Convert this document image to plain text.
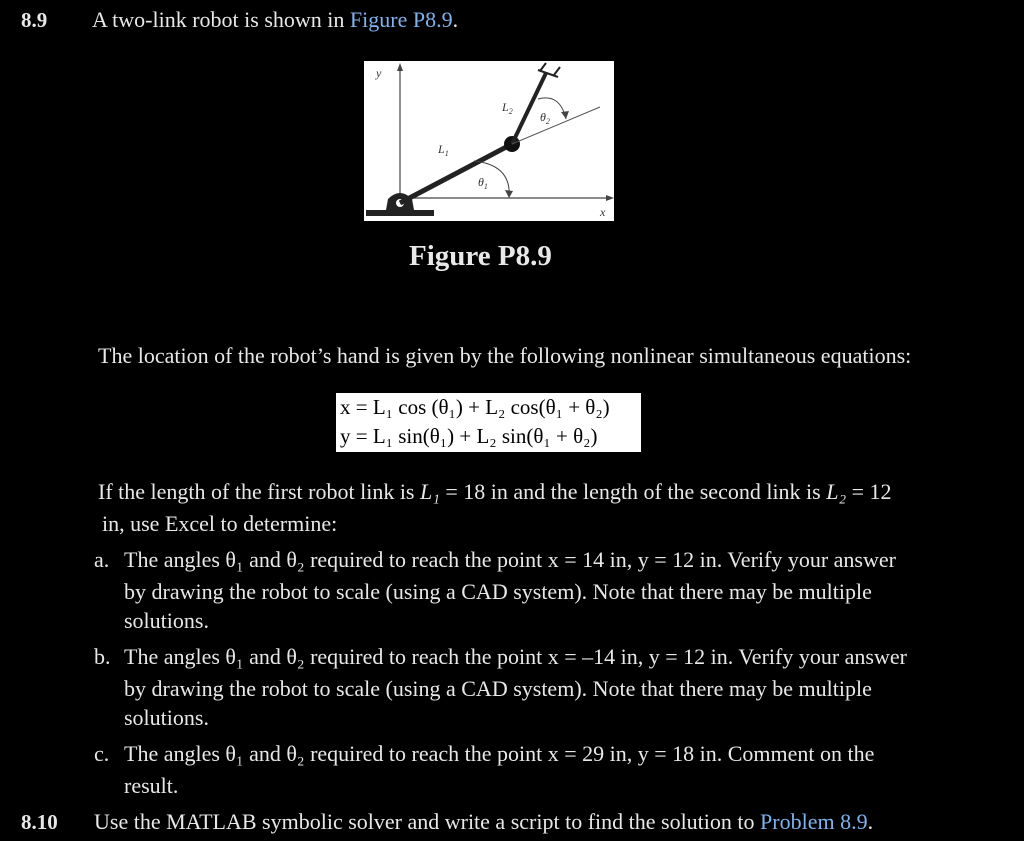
8.9 A two-link robot is shown in Figure P8.9.
y
x
$L_1$
$L_2$
$\theta_1$
$\theta_2$
Figure P8.9
The location of the robot’s hand is given by the following nonlinear simultaneous equations:
x = L₁ cos (θ₁) + L₂ cos(θ₁ + θ₂)
y = L₁ sin(θ₁) + L₂ sin(θ₁ + θ₂)
If the length of the first robot link is L₁ = 18 in and the length of the second link is L₂ = 12
in, use Excel to determine:
a. The angles θ₁ and θ₂ required to reach the point x = 14 in, y = 12 in. Verify your answer
by drawing the robot to scale (using a CAD system). Note that there may be multiple
solutions.
b. The angles θ₁ and θ₂ required to reach the point x = –14 in, y = 12 in. Verify your answer
by drawing the robot to scale (using a CAD system). Note that there may be multiple
solutions.
c. The angles θ₁ and θ₂ required to reach the point x = 29 in, y = 18 in. Comment on the
result.
8.10 Use the MATLAB symbolic solver and write a script to find the solution to Problem 8.9.
